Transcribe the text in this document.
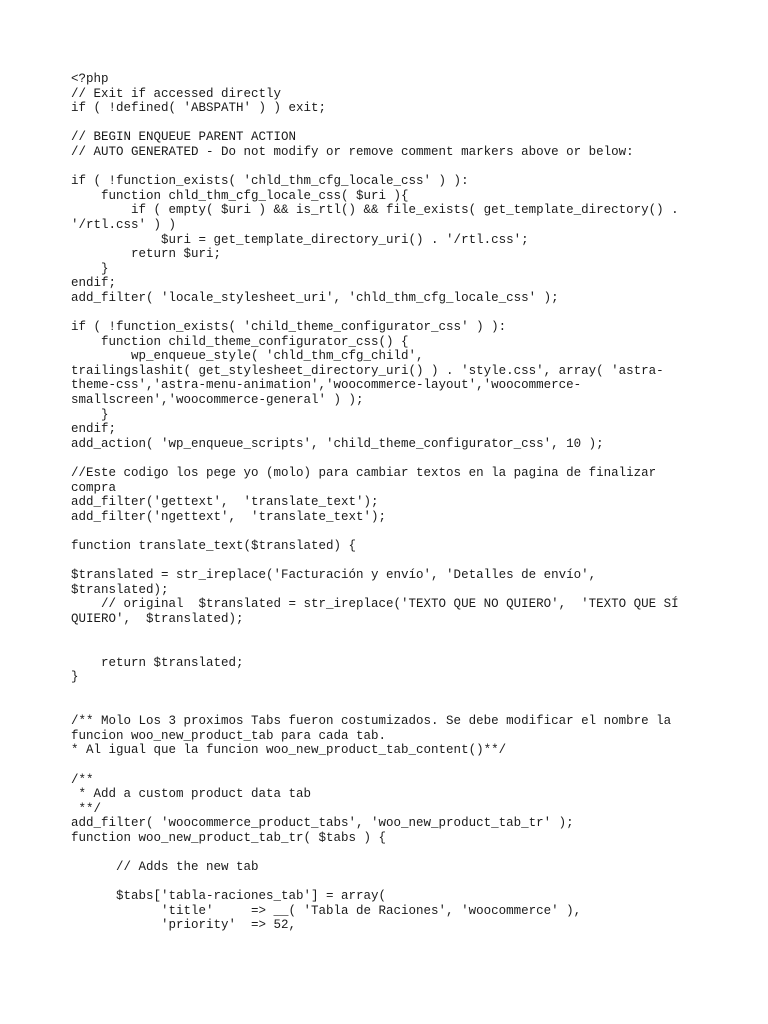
<?php
// Exit if accessed directly
if ( !defined( 'ABSPATH' ) ) exit;
// BEGIN ENQUEUE PARENT ACTION
// AUTO GENERATED - Do not modify or remove comment markers above or below:
if ( !function_exists( 'chld_thm_cfg_locale_css' ) ):
function chld_thm_cfg_locale_css( $uri ){
if ( empty( $uri ) && is_rtl() && file_exists( get_template_directory() .
'/rtl.css' ) )
$uri = get_template_directory_uri() . '/rtl.css';
return $uri;
}
endif;
add_filter( 'locale_stylesheet_uri', 'chld_thm_cfg_locale_css' );
if ( !function_exists( 'child_theme_configurator_css' ) ):
function child_theme_configurator_css() {
wp_enqueue_style( 'chld_thm_cfg_child',
trailingslashit( get_stylesheet_directory_uri() ) . 'style.css', array( 'astra-
theme-css','astra-menu-animation','woocommerce-layout','woocommerce-
smallscreen','woocommerce-general' ) );
}
endif;
add_action( 'wp_enqueue_scripts', 'child_theme_configurator_css', 10 );
//Este codigo los pege yo (molo) para cambiar textos en la pagina de finalizar
compra
add_filter('gettext',  'translate_text');
add_filter('ngettext',  'translate_text');
function translate_text($translated) {
$translated = str_ireplace('Facturación y envío', 'Detalles de envío',
$translated);
// original  $translated = str_ireplace('TEXTO QUE NO QUIERO',  'TEXTO QUE SÍ
QUIERO',  $translated);
return $translated;
}
/** Molo Los 3 proximos Tabs fueron costumizados. Se debe modificar el nombre la
funcion woo_new_product_tab para cada tab.
* Al igual que la funcion woo_new_product_tab_content()**/
/**
* Add a custom product data tab
**/
add_filter( 'woocommerce_product_tabs', 'woo_new_product_tab_tr' );
function woo_new_product_tab_tr( $tabs ) {
// Adds the new tab
$tabs['tabla-raciones_tab'] = array(
'title'     => __( 'Tabla de Raciones', 'woocommerce' ),
'priority'  => 52,
